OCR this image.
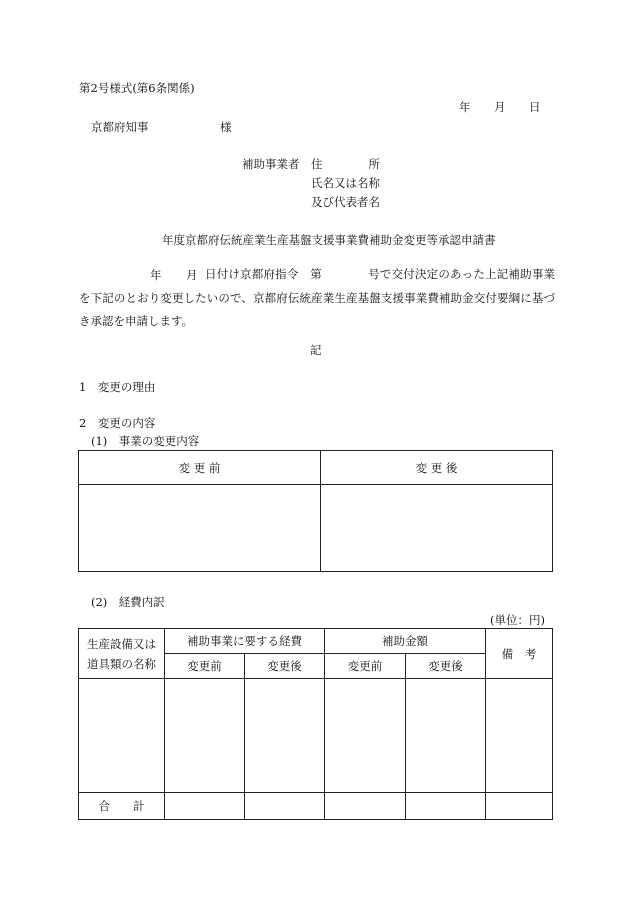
第2号様式(第6条関係)
年 月 日
京都府知事	様
補助事業者 住　　　　所
氏名又は名称
及び代表者名
年度京都府伝統産業生産基盤支援事業費補助金変更等承認申請書
年 月 日付け京都府指令　 第	号で交付決定のあった上記補助事業を下記のとおり変更したいので、京都府伝統産業生産基盤支援事業費補助金交付要綱に基づき承認を申請します。
記
1　変更の理由
2　変更の内容
(1)　事業の変更内容
変 更 前	変 更 後

(2)　経費内訳
(単位：円)
生産設備又は
道具類の名称	補助事業に要する経費		補助金額		備　考
	変更前	変更後	変更前	変更後	

合　　計					
